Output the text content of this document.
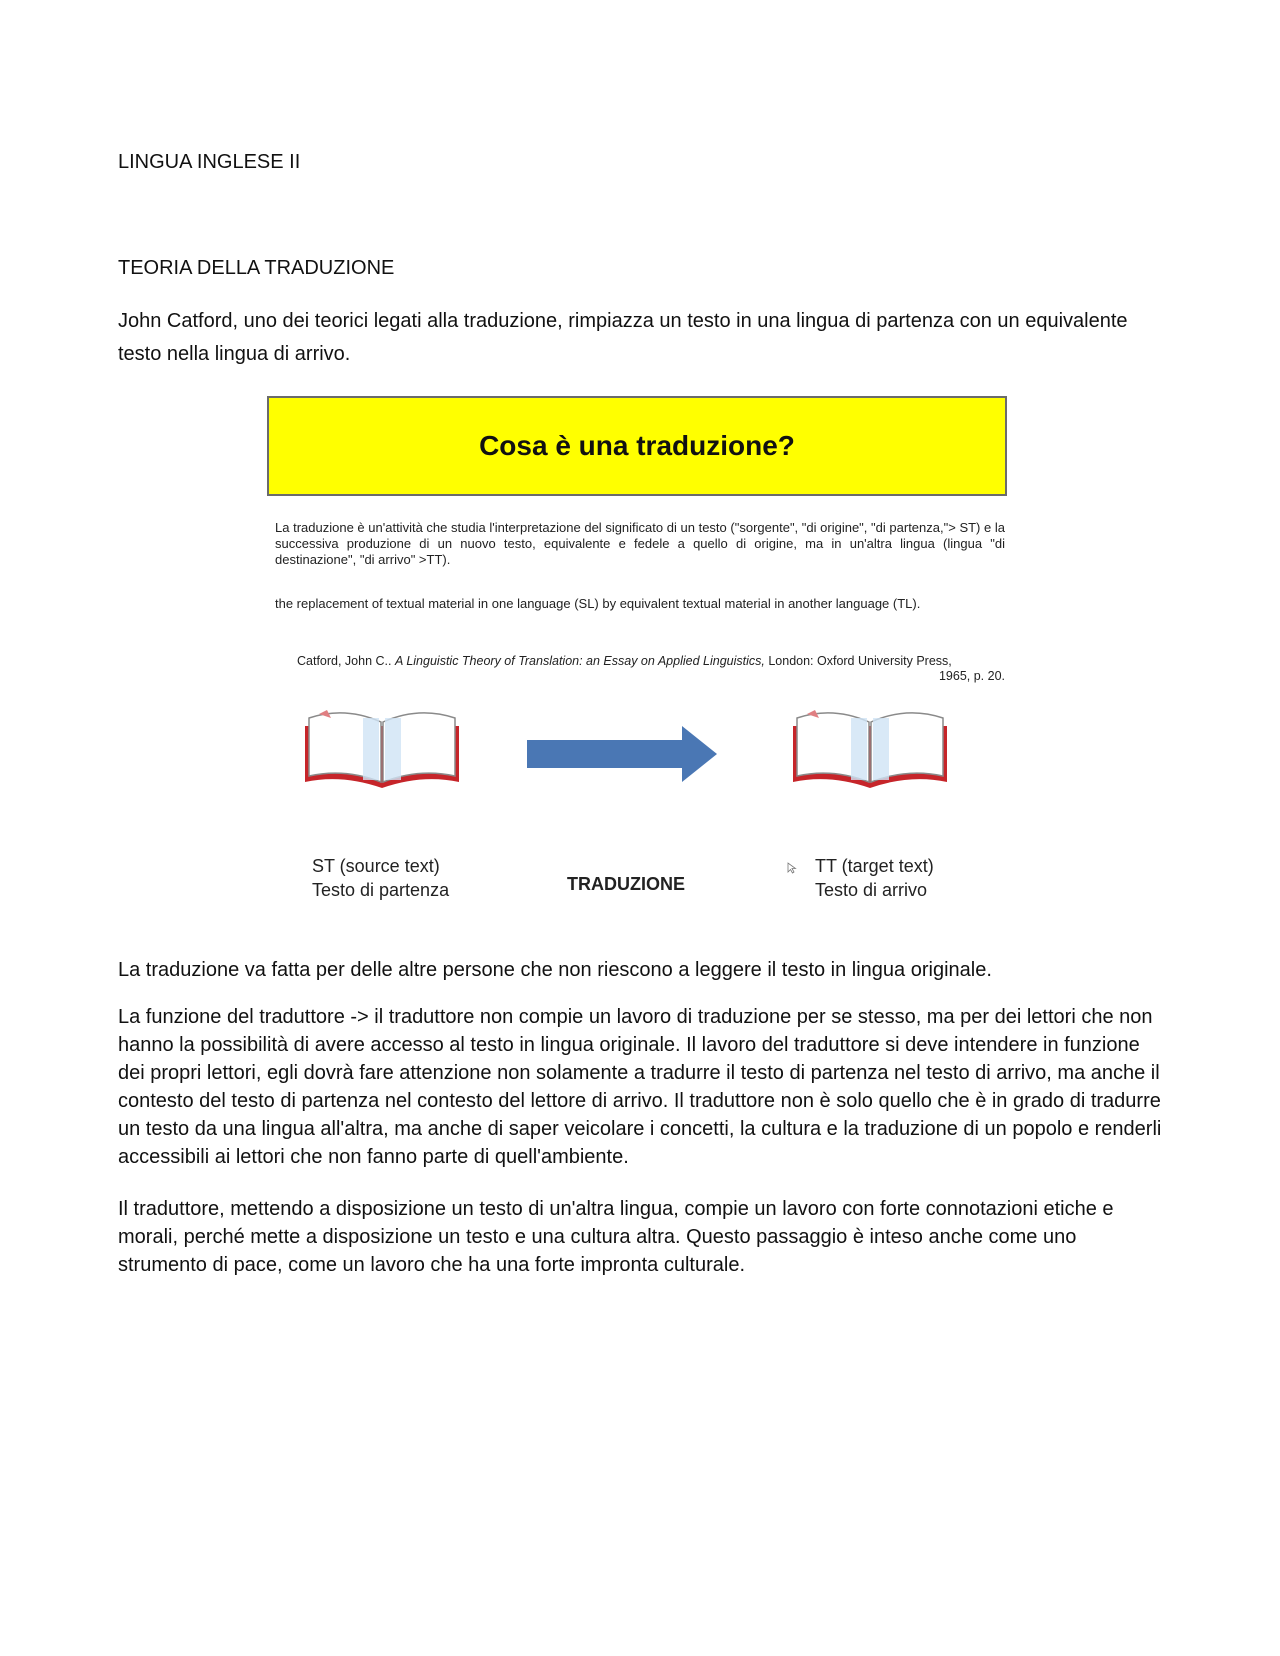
LINGUA INGLESE II
TEORIA DELLA TRADUZIONE

John Catford, uno dei teorici legati alla traduzione, rimpiazza un testo in una lingua di partenza con un equivalente testo nella lingua di arrivo.

Cosa è una traduzione?

La traduzione è un'attività che studia l'interpretazione del significato di un testo ("sorgente", "di origine", "di partenza,"> ST) e la successiva produzione di un nuovo testo, equivalente e fedele a quello di origine, ma in un'altra lingua (lingua "di destinazione", "di arrivo" >TT).

the replacement of textual material in one language (SL) by equivalent textual material in another language (TL).

Catford, John C.. A Linguistic Theory of Translation: an Essay on Applied Linguistics, London: Oxford University Press,
1965, p. 20.
ST (source text)
Testo di partenza	TRADUZIONE
TT (target text)
Testo di arrivo

La traduzione va fatta per delle altre persone che non riescono a leggere il testo in lingua originale.

La funzione del traduttore -> il traduttore non compie un lavoro di traduzione per se stesso, ma per dei lettori che non hanno la possibilità di avere accesso al testo in lingua originale. Il lavoro del traduttore si deve intendere in funzione dei propri lettori, egli dovrà fare attenzione non solamente a tradurre il testo di partenza nel testo di arrivo, ma anche il contesto del testo di partenza nel contesto del lettore di arrivo. Il traduttore non è solo quello che è in grado di tradurre un testo da una lingua all'altra, ma anche di saper veicolare i concetti, la cultura e la traduzione di un popolo e renderli accessibili ai lettori che non fanno parte di quell'ambiente.

Il traduttore, mettendo a disposizione un testo di un'altra lingua, compie un lavoro con forte connotazioni etiche e morali, perché mette a disposizione un testo e una cultura altra. Questo passaggio è inteso anche come uno strumento di pace, come un lavoro che ha una forte impronta culturale.
